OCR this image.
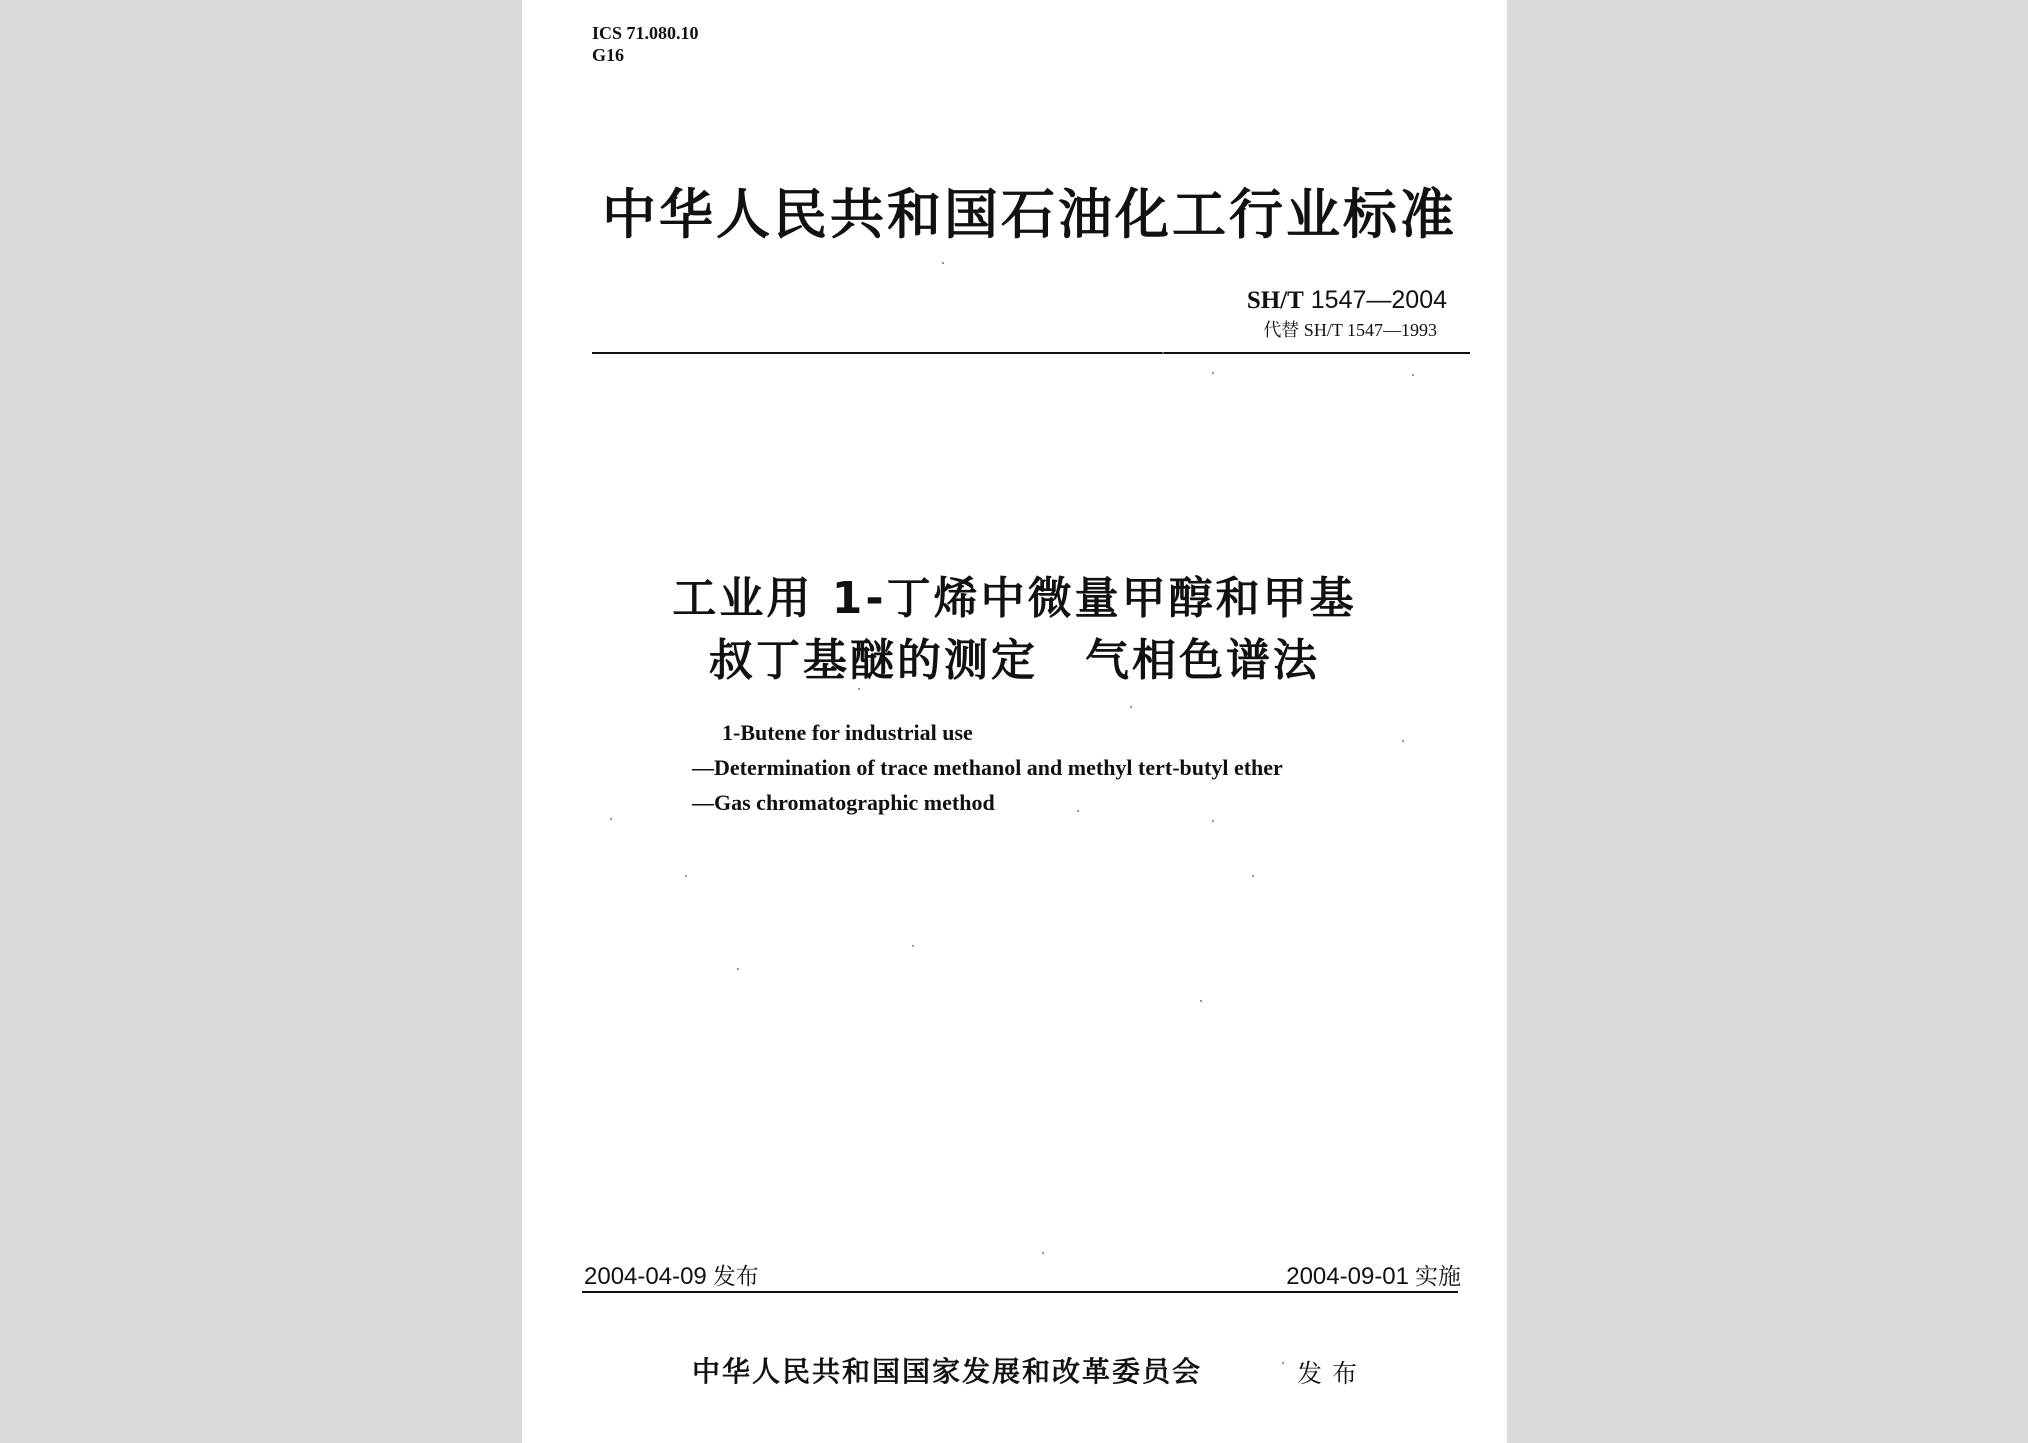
ICS 71.080.10
G16
中华人民共和国石油化工行业标准
SH/T 1547—2004
代替 SH/T 1547—1993
工业用 1-丁烯中微量甲醇和甲基
叔丁基醚的测定　气相色谱法
1-Butene for industrial use
—Determination of trace methanol and methyl tert-butyl ether
—Gas chromatographic method
2004-04-09 发布	2004-09-01 实施
中华人民共和国国家发展和改革委员会	发布
